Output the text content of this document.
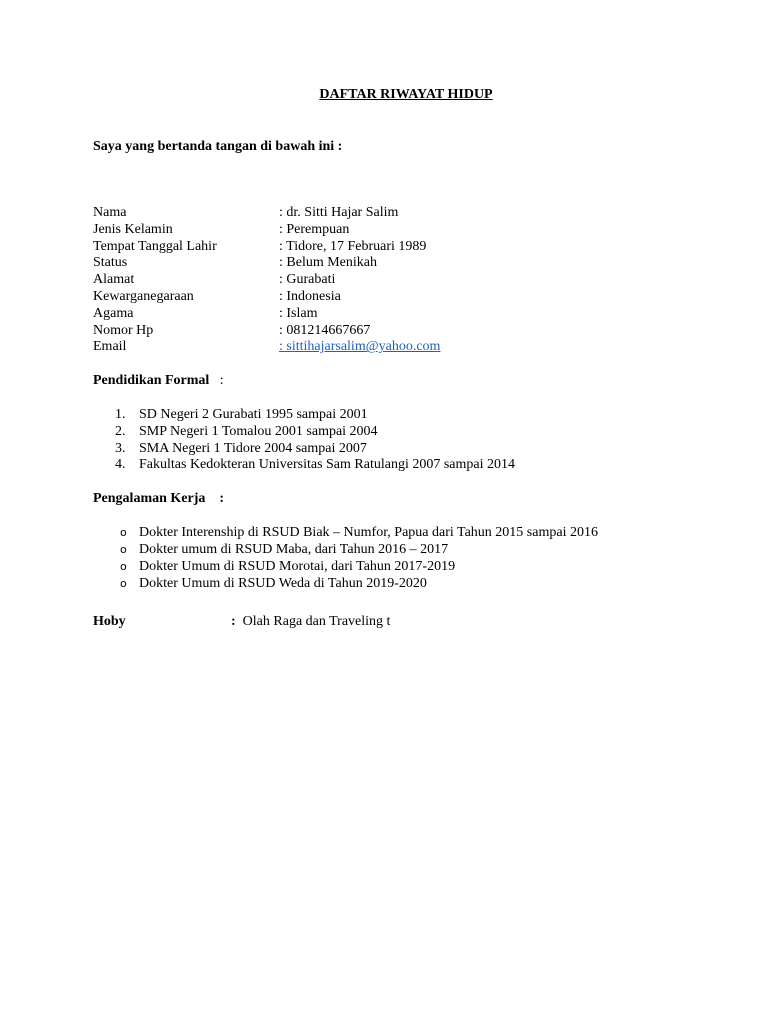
DAFTAR RIWAYAT HIDUP
Saya yang bertanda tangan di bawah ini :
Nama	: dr. Sitti Hajar Salim
Jenis Kelamin	: Perempuan
Tempat Tanggal Lahir	: Tidore, 17 Februari 1989
Status	: Belum Menikah
Alamat	: Gurabati
Kewarganegaraan	: Indonesia
Agama	: Islam
Nomor Hp	: 081214667667
Email	: sittihajarsalim@yahoo.com
Pendidikan Formal :
1. SD Negeri 2 Gurabati 1995 sampai 2001
2. SMP Negeri 1 Tomalou 2001 sampai 2004
3. SMA Negeri 1 Tidore 2004 sampai 2007
4. Fakultas Kedokteran Universitas Sam Ratulangi 2007 sampai 2014
Pengalaman Kerja :
o Dokter Interenship di RSUD Biak – Numfor, Papua dari Tahun 2015 sampai 2016
o Dokter umum di RSUD Maba, dari Tahun 2016 – 2017
o Dokter Umum di RSUD Morotai, dari Tahun 2017-2019
o Dokter Umum di RSUD Weda di Tahun 2019-2020
Hoby	: Olah Raga dan Traveling t
